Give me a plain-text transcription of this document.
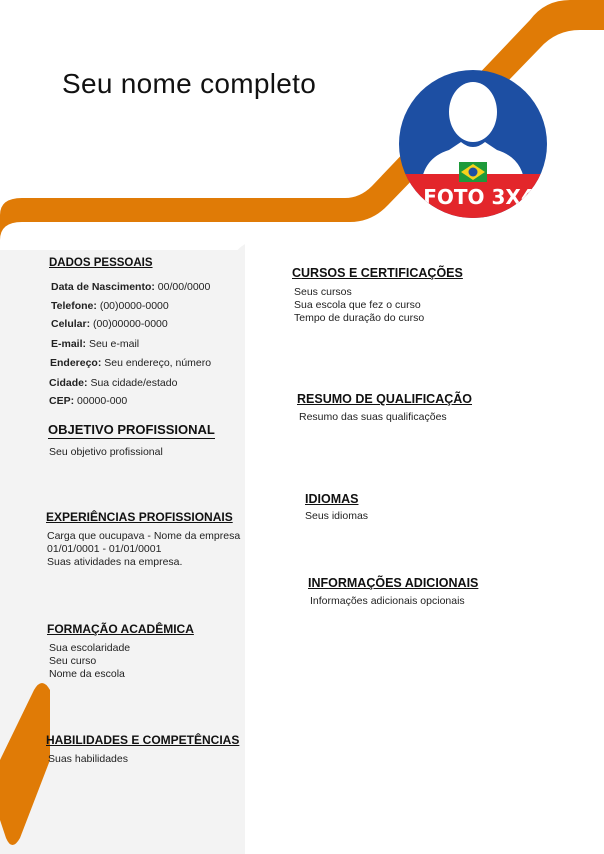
Seu nome completo
FOTO 3X4
DADOS PESSOAIS
Data de Nascimento: 00/00/0000
Telefone: (00)0000-0000
Celular: (00)00000-0000
E-mail: Seu e-mail
Endereço: Seu endereço, número
Cidade: Sua cidade/estado
CEP: 00000-000
OBJETIVO PROFISSIONAL
Seu objetivo profissional
EXPERIÊNCIAS PROFISSIONAIS
Carga que oucupava - Nome da empresa
01/01/0001 - 01/01/0001
Suas atividades na empresa.
FORMAÇÃO ACADÊMICA
Sua escolaridade
Seu curso
Nome da escola
HABILIDADES E COMPETÊNCIAS
Suas habilidades
CURSOS E CERTIFICAÇÕES
Seus cursos
Sua escola que fez o curso
Tempo de duração do curso
RESUMO DE QUALIFICAÇÃO
Resumo das suas qualificações
IDIOMAS
Seus idiomas
INFORMAÇÕES ADICIONAIS
Informações adicionais opcionais
